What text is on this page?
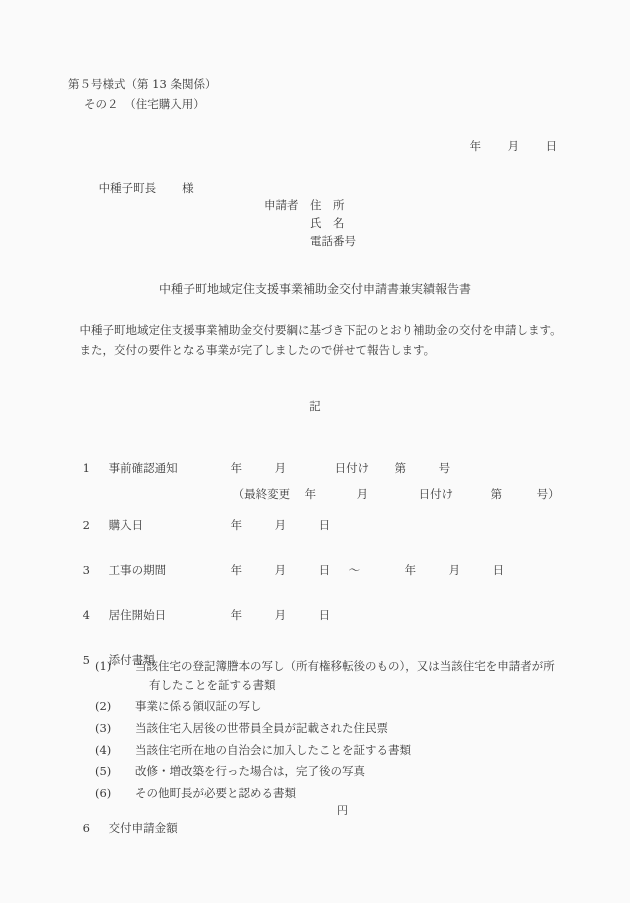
第５号様式（第 13 条関係）
その２　（住宅購入用）

年 月 日

中種子町長 様

申請者 住　所
氏　名
電話番号
中種子町地域定住支援事業補助金交付申請書兼実績報告書

中種子町地域定住支援事業補助金交付要綱に基づき下記のとおり補助金の交付を申請します。

また，交付の要件となる事業が完了しましたので併せて報告します。

記

1 事前確認通知	年	月	日付け 第	号

（最終変更 年	月	日付け	第	号）

2 購入日	年	月	日

3 工事の期間	年	月	日 〜	年	月	日

4 居住開始日	年	月	日

5 添付書類

(1)	当該住宅の登記簿謄本の写し（所有権移転後のもの），又は当該住宅を申請者が所
有したことを証する書類
(2)	事業に係る領収証の写し
(3)	当該住宅入居後の世帯員全員が記載された住民票
(4)	当該住宅所在地の自治会に加入したことを証する書類
(5)	改修・増改築を行った場合は，完了後の写真
(6)	その他町長が必要と認める書類

6 交付申請金額

円
